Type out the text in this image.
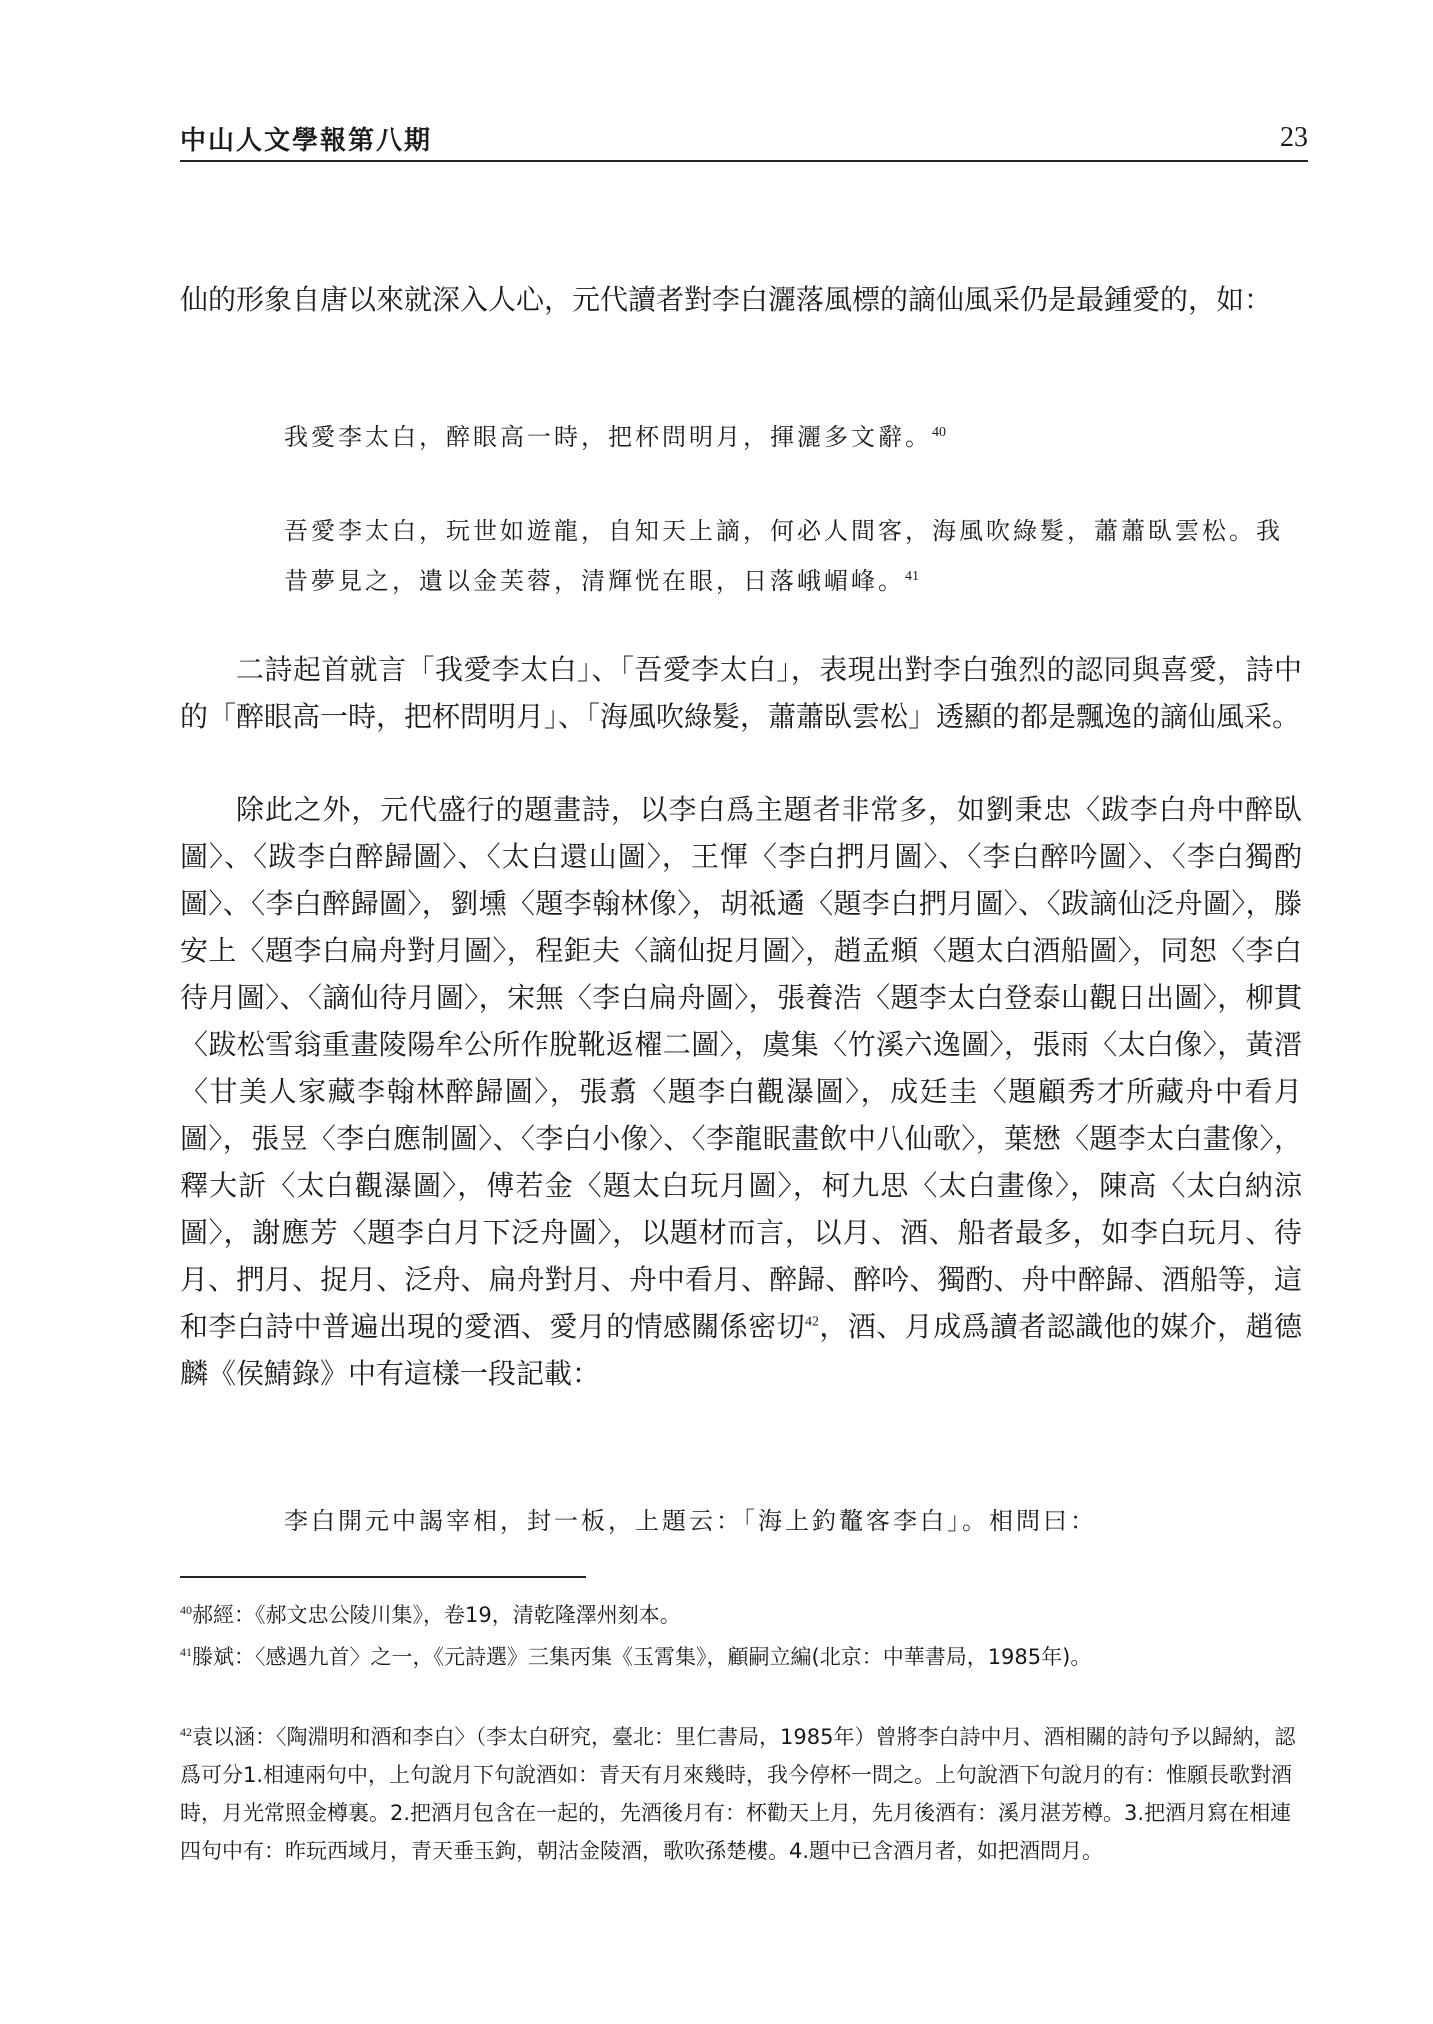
中山人文學報第八期	23

仙的形象自唐以來就深入人心，元代讀者對李白灑落風標的謫仙風采仍是最鍾愛的，如：

我愛李太白，醉眼高一時，把杯問明月，揮灑多文辭。$^{40}$

吾愛李太白，玩世如遊龍，自知天上謫，何必人間客，海風吹綠髮，蕭蕭臥雲松。我昔夢見之，遺以金芙蓉，清輝恍在眼，日落峨嵋峰。$^{41}$

二詩起首就言「我愛李太白」、「吾愛李太白」，表現出對李白強烈的認同與喜愛，詩中的「醉眼高一時，把杯問明月」、「海風吹綠髮，蕭蕭臥雲松」透顯的都是飄逸的謫仙風采。

除此之外，元代盛行的題畫詩，以李白爲主題者非常多，如劉秉忠〈跋李白舟中醉臥圖〉、〈跋李白醉歸圖〉、〈太白還山圖〉，王惲〈李白捫月圖〉、〈李白醉吟圖〉、〈李白獨酌圖〉、〈李白醉歸圖〉，劉壎〈題李翰林像〉，胡祗遹〈題李白捫月圖〉、〈跋謫仙泛舟圖〉，滕安上〈題李白扁舟對月圖〉，程鉅夫〈謫仙捉月圖〉，趙孟頫〈題太白酒船圖〉，同恕〈李白待月圖〉、〈謫仙待月圖〉，宋無〈李白扁舟圖〉，張養浩〈題李太白登泰山觀日出圖〉，柳貫〈跋松雪翁重畫陵陽牟公所作脫靴返櫂二圖〉，虞集〈竹溪六逸圖〉，張雨〈太白像〉，黃溍〈甘美人家藏李翰林醉歸圖〉，張翥〈題李白觀瀑圖〉，成廷圭〈題顧秀才所藏舟中看月圖〉，張昱〈李白應制圖〉、〈李白小像〉、〈李龍眠畫飲中八仙歌〉，葉懋〈題李太白畫像〉，釋大訢〈太白觀瀑圖〉，傅若金〈題太白玩月圖〉，柯九思〈太白畫像〉，陳高〈太白納涼圖〉，謝應芳〈題李白月下泛舟圖〉，以題材而言，以月、酒、船者最多，如李白玩月、待月、捫月、捉月、泛舟、扁舟對月、舟中看月、醉歸、醉吟、獨酌、舟中醉歸、酒船等，這和李白詩中普遍出現的愛酒、愛月的情感關係密切$^{42}$，酒、月成爲讀者認識他的媒介，趙德麟《侯鯖錄》中有這樣一段記載：

李白開元中謁宰相，封一板，上題云：「海上釣鼇客李白」。相問曰：

$^{40}$郝經：《郝文忠公陵川集》，卷19，清乾隆澤州刻本。

$^{41}$滕斌：〈感遇九首〉之一，《元詩選》三集丙集《玉霄集》，顧嗣立編(北京：中華書局，1985年)。

$^{42}$袁以涵：〈陶淵明和酒和李白〉（李太白研究，臺北：里仁書局，1985年）曾將李白詩中月、酒相關的詩句予以歸納，認爲可分1.相連兩句中，上句說月下句說酒如：青天有月來幾時，我今停杯一問之。上句說酒下句說月的有：惟願長歌對酒時，月光常照金樽裏。2.把酒月包含在一起的，先酒後月有：杯勸天上月，先月後酒有：溪月湛芳樽。3.把酒月寫在相連四句中有：昨玩西域月，青天垂玉鉤，朝沽金陵酒，歌吹孫楚樓。4.題中已含酒月者，如把酒問月。
